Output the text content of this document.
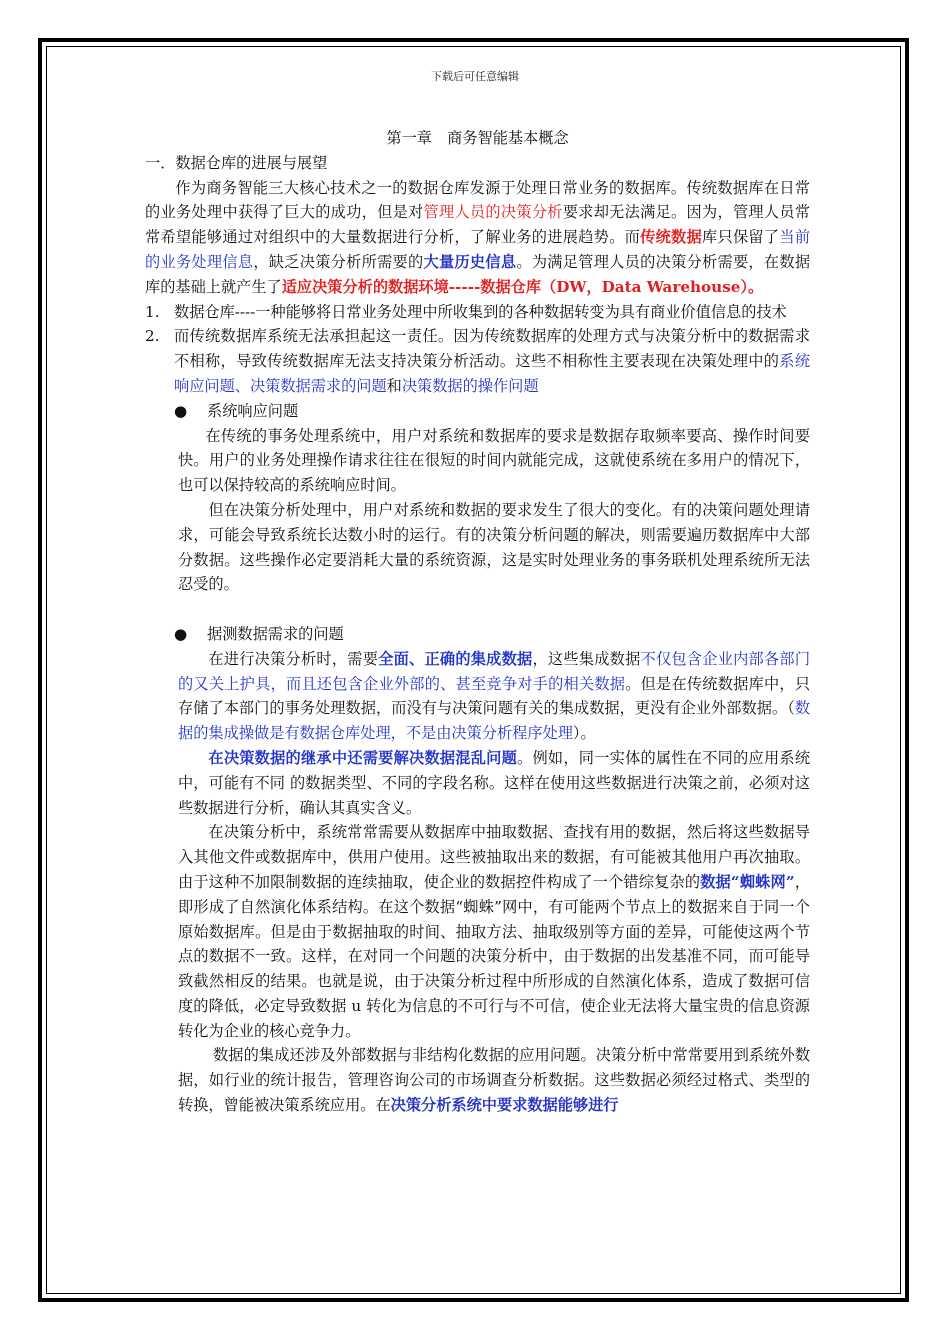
下载后可任意编辑

第一章　商务智能基本概念

一．数据仓库的进展与展望

作为商务智能三大核心技术之一的数据仓库发源于处理日常业务的数据库。传统数据库在日常的业务处理中获得了巨大的成功，但是对管理人员的决策分析要求却无法满足。因为，管理人员常常希望能够通过对组织中的大量数据进行分析，了解业务的进展趋势。而传统数据库只保留了当前的业务处理信息，缺乏决策分析所需要的大量历史信息。为满足管理人员的决策分析需要，在数据库的基础上就产生了适应决策分析的数据环境-----数据仓库（DW，Data Warehouse）。

1. 数据仓库----一种能够将日常业务处理中所收集到的各种数据转变为具有商业价值信息的技术
2. 而传统数据库系统无法承担起这一责任。因为传统数据库的处理方式与决策分析中的数据需求不相称，导致传统数据库无法支持决策分析活动。这些不相称性主要表现在决策处理中的系统响应问题、决策数据需求的问题和决策数据的操作问题
●	系统响应问题

在传统的事务处理系统中，用户对系统和数据库的要求是数据存取频率要高、操作时间要快。用户的业务处理操作请求往往在很短的时间内就能完成，这就使系统在多用户的情况下，也可以保持较高的系统响应时间。

但在决策分析处理中，用户对系统和数据的要求发生了很大的变化。有的决策问题处理请求，可能会导致系统长达数小时的运行。有的决策分析问题的解决，则需要遍历数据库中大部分数据。这些操作必定要消耗大量的系统资源，这是实时处理业务的事务联机处理系统所无法忍受的。

●	据测数据需求的问题

在进行决策分析时，需要全面、正确的集成数据，这些集成数据不仅包含企业内部各部门的又关上护具，而且还包含企业外部的、甚至竞争对手的相关数据。但是在传统数据库中，只存储了本部门的事务处理数据，而没有与决策问题有关的集成数据，更没有企业外部数据。（数据的集成操做是有数据仓库处理，不是由决策分析程序处理）。

在决策数据的继承中还需要解决数据混乱问题。例如，同一实体的属性在不同的应用系统中，可能有不同 的数据类型、不同的字段名称。这样在使用这些数据进行决策之前，必须对这些数据进行分析，确认其真实含义。

在决策分析中，系统常常需要从数据库中抽取数据、查找有用的数据，然后将这些数据导入其他文件或数据库中，供用户使用。这些被抽取出来的数据，有可能被其他用户再次抽取。由于这种不加限制数据的连续抽取，使企业的数据控件构成了一个错综复杂的数据“蜘蛛网”，即形成了自然演化体系结构。在这个数据“蜘蛛”网中，有可能两个节点上的数据来自于同一个原始数据库。但是由于数据抽取的时间、抽取方法、抽取级别等方面的差异，可能使这两个节点的数据不一致。这样，在对同一个问题的决策分析中，由于数据的出发基准不同，而可能导致截然相反的结果。也就是说，由于决策分析过程中所形成的自然演化体系，造成了数据可信度的降低，必定导致数据 u 转化为信息的不可行与不可信，使企业无法将大量宝贵的信息资源转化为企业的核心竞争力。

数据的集成还涉及外部数据与非结构化数据的应用问题。决策分析中常常要用到系统外数据，如行业的统计报告，管理咨询公司的市场调查分析数据。这些数据必须经过格式、类型的转换，曾能被决策系统应用。在决策分析系统中要求数据能够进行
